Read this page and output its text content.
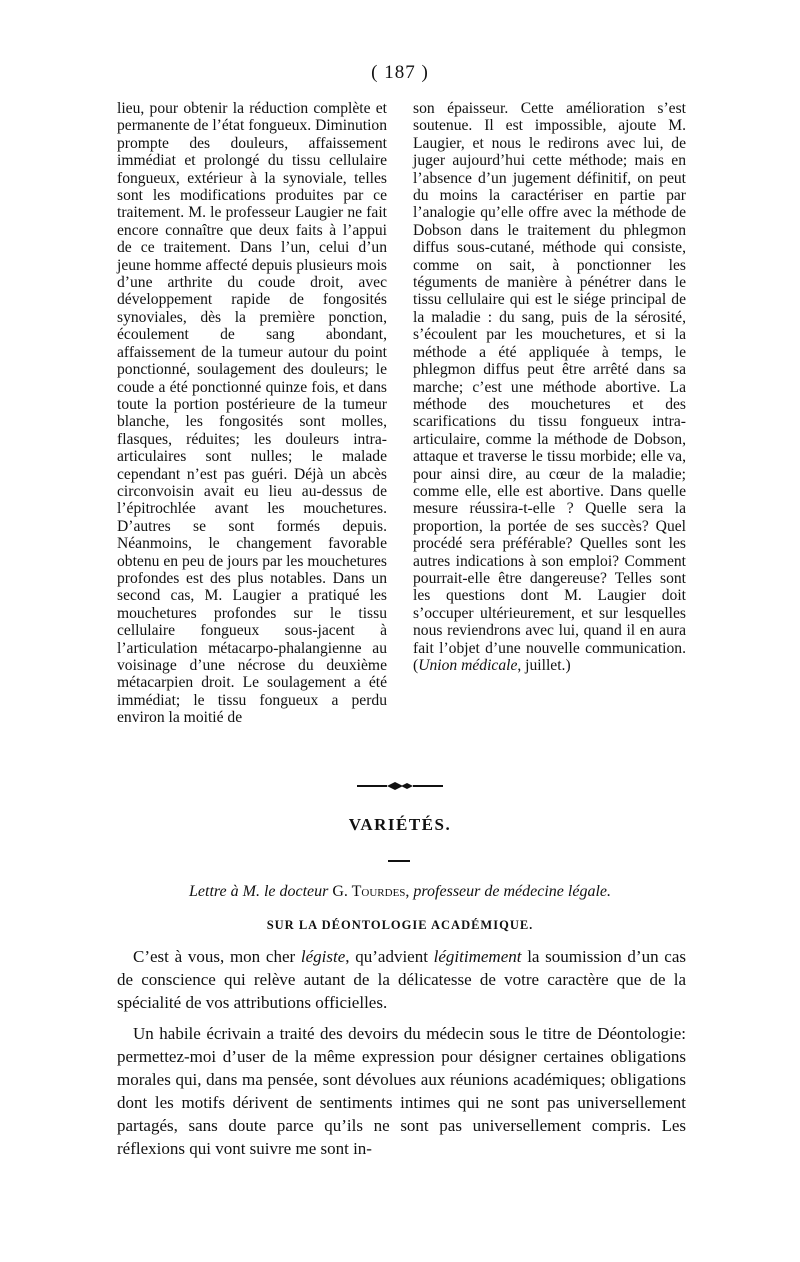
( 187 )

lieu, pour obtenir la réduction complète et permanente de l’état fongueux. Diminution prompte des douleurs, affaissement immédiat et prolongé du tissu cellulaire fongueux, extérieur à la synoviale, telles sont les modifications produites par ce traitement. M. le professeur Laugier ne fait encore connaître que deux faits à l’appui de ce traitement. Dans l’un, celui d’un jeune homme affecté depuis plusieurs mois d’une arthrite du coude droit, avec développement rapide de fongosités synoviales, dès la première ponction, écoulement de sang abondant, affaissement de la tumeur autour du point ponctionné, soulagement des douleurs; le coude a été ponctionné quinze fois, et dans toute la portion postérieure de la tumeur blanche, les fongosités sont molles, flasques, réduites; les douleurs intra-articulaires sont nulles; le malade cependant n’est pas guéri. Déjà un abcès circonvoisin avait eu lieu au-dessus de l’épitrochlée avant les mouchetures. D’autres se sont formés depuis. Néanmoins, le changement favorable obtenu en peu de jours par les mouchetures profondes est des plus notables. Dans un second cas, M. Laugier a pratiqué les mouchetures profondes sur le tissu cellulaire fongueux sous-jacent à l’articulation métacarpo-phalangienne au voisinage d’une nécrose du deuxième métacarpien droit. Le soulagement a été immédiat; le tissu fongueux a perdu environ la moitié de

son épaisseur. Cette amélioration s’est soutenue. Il est impossible, ajoute M. Laugier, et nous le redirons avec lui, de juger aujourd’hui cette méthode; mais en l’absence d’un jugement définitif, on peut du moins la caractériser en partie par l’analogie qu’elle offre avec la méthode de Dobson dans le traitement du phlegmon diffus sous-cutané, méthode qui consiste, comme on sait, à ponctionner les téguments de manière à pénétrer dans le tissu cellulaire qui est le siége principal de la maladie : du sang, puis de la sérosité, s’écoulent par les mouchetures, et si la méthode a été appliquée à temps, le phlegmon diffus peut être arrêté dans sa marche; c’est une méthode abortive. La méthode des mouchetures et des scarifications du tissu fongueux intra-articulaire, comme la méthode de Dobson, attaque et traverse le tissu morbide; elle va, pour ainsi dire, au cœur de la maladie; comme elle, elle est abortive. Dans quelle mesure réussira-t-elle ? Quelle sera la proportion, la portée de ses succès? Quel procédé sera préférable? Quelles sont les autres indications à son emploi? Comment pourrait-elle être dangereuse? Telles sont les questions dont M. Laugier doit s’occuper ultérieurement, et sur lesquelles nous reviendrons avec lui, quand il en aura fait l’objet d’une nouvelle communication. (Union médicale, juillet.)

VARIÉTÉS.
Lettre à M. le docteur G. Tourdes, professeur de médecine légale.
SUR LA DÉONTOLOGIE ACADÉMIQUE.

C’est à vous, mon cher légiste, qu’advient légitimement la soumission d’un cas de conscience qui relève autant de la délicatesse de votre caractère que de la spécialité de vos attributions officielles.

Un habile écrivain a traité des devoirs du médecin sous le titre de Déontologie: permettez-moi d’user de la même expression pour désigner certaines obligations morales qui, dans ma pensée, sont dévolues aux réunions académiques; obligations dont les motifs dérivent de sentiments intimes qui ne sont pas universellement partagés, sans doute parce qu’ils ne sont pas universellement compris. Les réflexions qui vont suivre me sont in-
